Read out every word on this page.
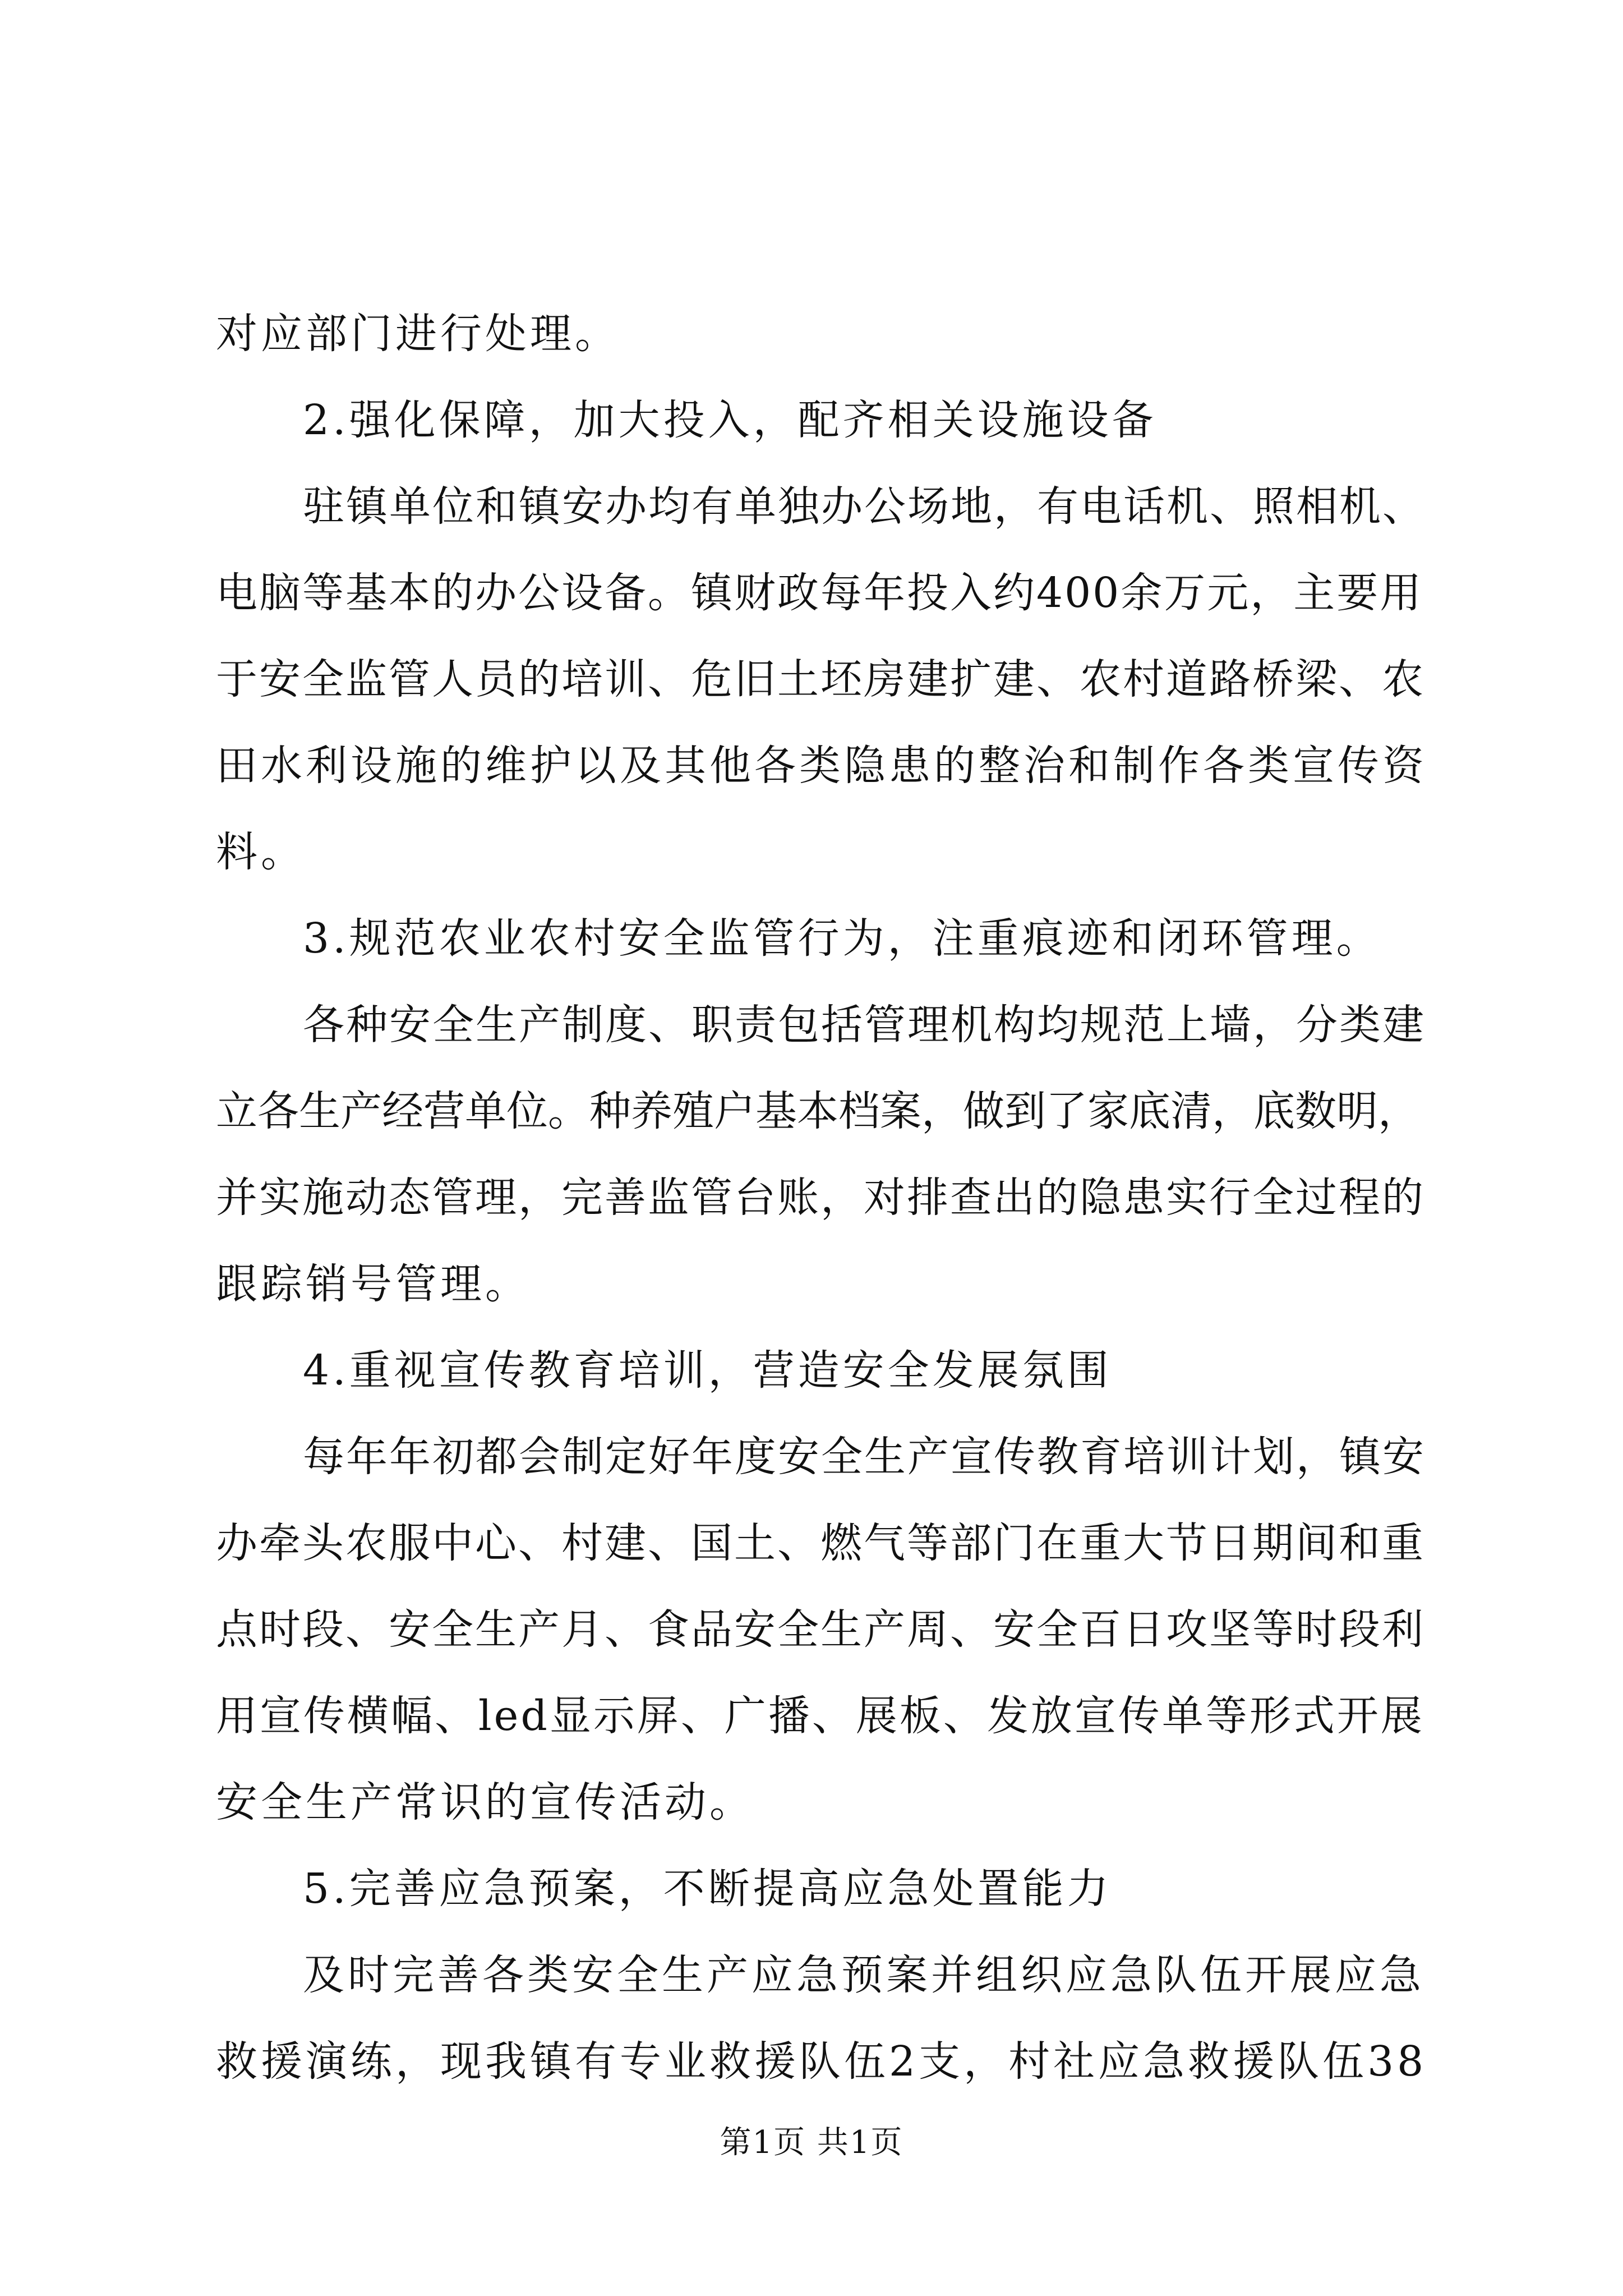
对应部门进行处理。
2.强化保障，加大投入，配齐相关设施设备
驻镇单位和镇安办均有单独办公场地，有电话机、照相机、
电脑等基本的办公设备。镇财政每年投入约400余万元，主要用
于安全监管人员的培训、危旧土坯房建扩建、农村道路桥梁、农
田水利设施的维护以及其他各类隐患的整治和制作各类宣传资
料。
3.规范农业农村安全监管行为，注重痕迹和闭环管理。
各种安全生产制度、职责包括管理机构均规范上墙，分类建
立各生产经营单位。种养殖户基本档案，做到了家底清，底数明，
并实施动态管理，完善监管台账，对排查出的隐患实行全过程的
跟踪销号管理。
4.重视宣传教育培训，营造安全发展氛围
每年年初都会制定好年度安全生产宣传教育培训计划，镇安
办牵头农服中心、村建、国土、燃气等部门在重大节日期间和重
点时段、安全生产月、食品安全生产周、安全百日攻坚等时段利
用宣传横幅、led显示屏、广播、展板、发放宣传单等形式开展
安全生产常识的宣传活动。
5.完善应急预案，不断提高应急处置能力
及时完善各类安全生产应急预案并组织应急队伍开展应急
救援演练，现我镇有专业救援队伍2支，村社应急救援队伍38
第1页 共1页
